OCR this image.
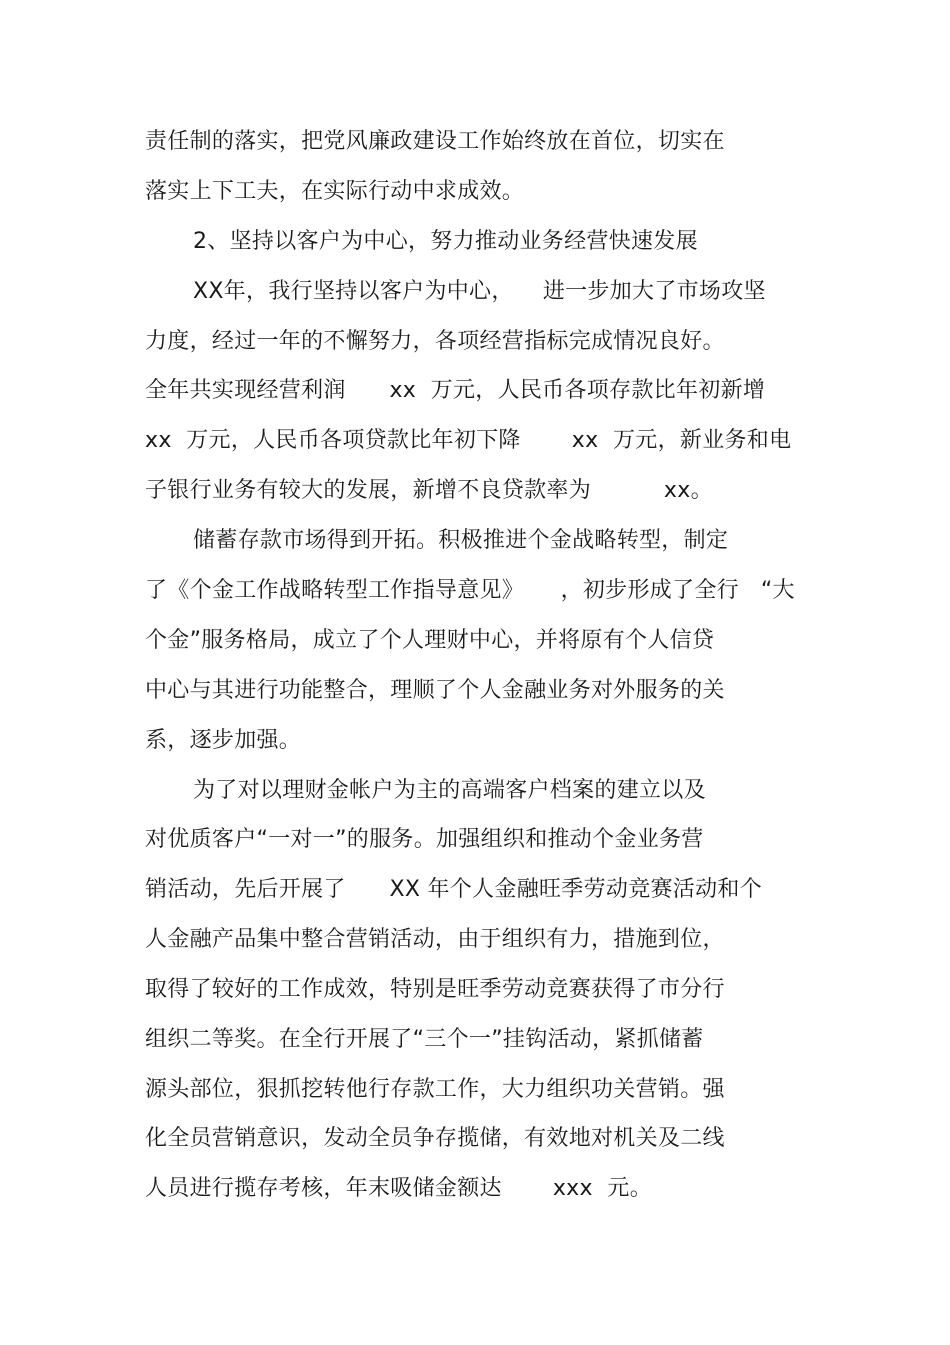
责任制的落实，把党风廉政建设工作始终放在首位，切实在
落实上下工夫，在实际行动中求成效。
2、坚持以客户为中心，努力推动业务经营快速发展
XX年，我行坚持以客户为中心，    进一步加大了市场攻坚
力度，经过一年的不懈努力，各项经营指标完成情况良好。
全年共实现经营利润      xx  万元，人民币各项存款比年初新增
xx  万元，人民币各项贷款比年初下降       xx  万元，新业务和电
子银行业务有较大的发展，新增不良贷款率为          xx。
储蓄存款市场得到开拓。积极推进个金战略转型，制定
了《个金工作战略转型工作指导意见》     ，初步形成了全行   “大
个金”服务格局，成立了个人理财中心，并将原有个人信贷
中心与其进行功能整合，理顺了个人金融业务对外服务的关
系，逐步加强。
为了对以理财金帐户为主的高端客户档案的建立以及
对优质客户“一对一”的服务。加强组织和推动个金业务营
销活动，先后开展了      XX 年个人金融旺季劳动竞赛活动和个
人金融产品集中整合营销活动，由于组织有力，措施到位，
取得了较好的工作成效，特别是旺季劳动竞赛获得了市分行
组织二等奖。在全行开展了“三个一”挂钩活动，紧抓储蓄
源头部位，狠抓挖转他行存款工作，大力组织功关营销。强
化全员营销意识，发动全员争存揽储，有效地对机关及二线
人员进行揽存考核，年末吸储金额达       xxx  元。
